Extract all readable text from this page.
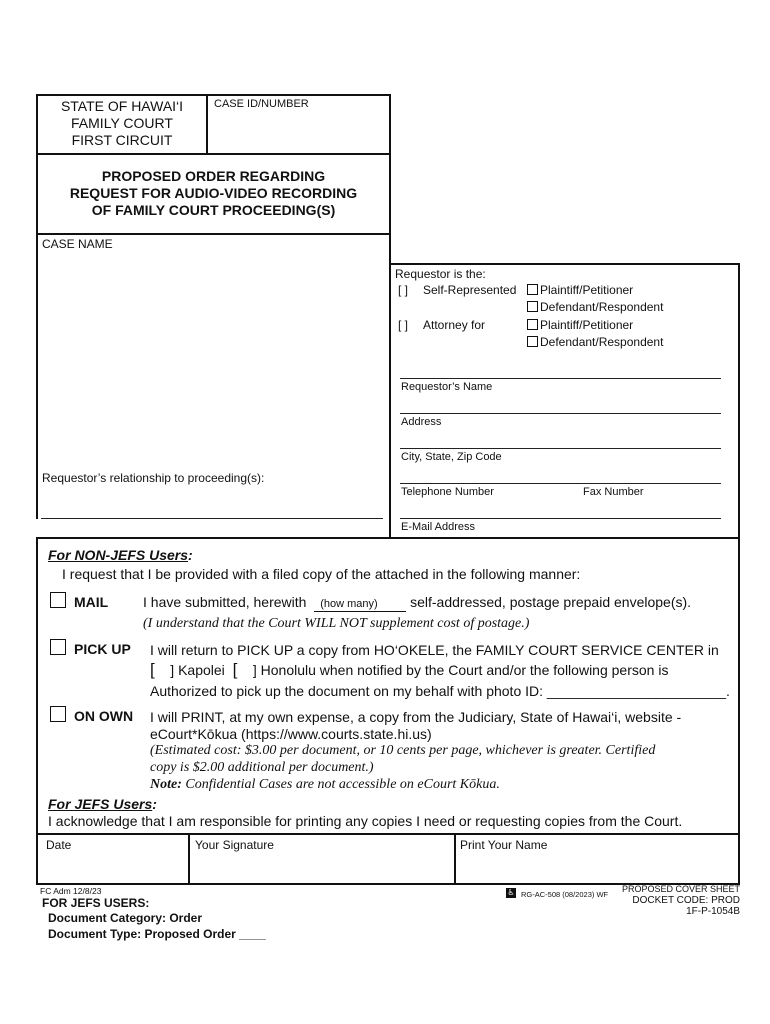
STATE OF HAWAI‘I
FAMILY COURT
FIRST CIRCUIT
CASE ID/NUMBER
PROPOSED ORDER REGARDING
REQUEST FOR AUDIO-VIDEO RECORDING
OF FAMILY COURT PROCEEDING(S)
CASE NAME
Requestor is the:
[ ] Self-Represented	Plaintiff/Petitioner
Defendant/Respondent
[ ] Attorney for	Plaintiff/Petitioner
Defendant/Respondent
Requestor’s Name
Address
City, State, Zip Code
Telephone Number	Fax Number
E-Mail Address
Requestor’s relationship to proceeding(s):
For NON-JEFS Users:
I request that I be provided with a filed copy of the attached in the following manner:
MAIL I have submitted, herewith (how many) self-addressed, postage prepaid envelope(s).
(I understand that the Court WILL NOT supplement cost of postage.)
PICK UP I will return to PICK UP a copy from HO‘OKELE, the FAMILY COURT SERVICE CENTER in
[ ] Kapolei [ ] Honolulu when notified by the Court and/or the following person is
Authorized to pick up the document on my behalf with photo ID: _______________________.
ON OWN I will PRINT, at my own expense, a copy from the Judiciary, State of Hawai‘i, website -
eCourt*Kōkua (https://www.courts.state.hi.us)
(Estimated cost: $3.00 per document, or 10 cents per page, whichever is greater. Certified
copy is $2.00 additional per document.)
Note: Confidential Cases are not accessible on eCourt Kōkua.
For JEFS Users:
I acknowledge that I am responsible for printing any copies I need or requesting copies from the Court.
Date	Your Signature	Print Your Name
FC Adm 12/8/23
FOR JEFS USERS:
Document Category: Order
Document Type: Proposed Order ____
♿ RG-AC-508 (08/2023) WF
PROPOSED COVER SHEET
DOCKET CODE: PROD
1F-P-1054B
